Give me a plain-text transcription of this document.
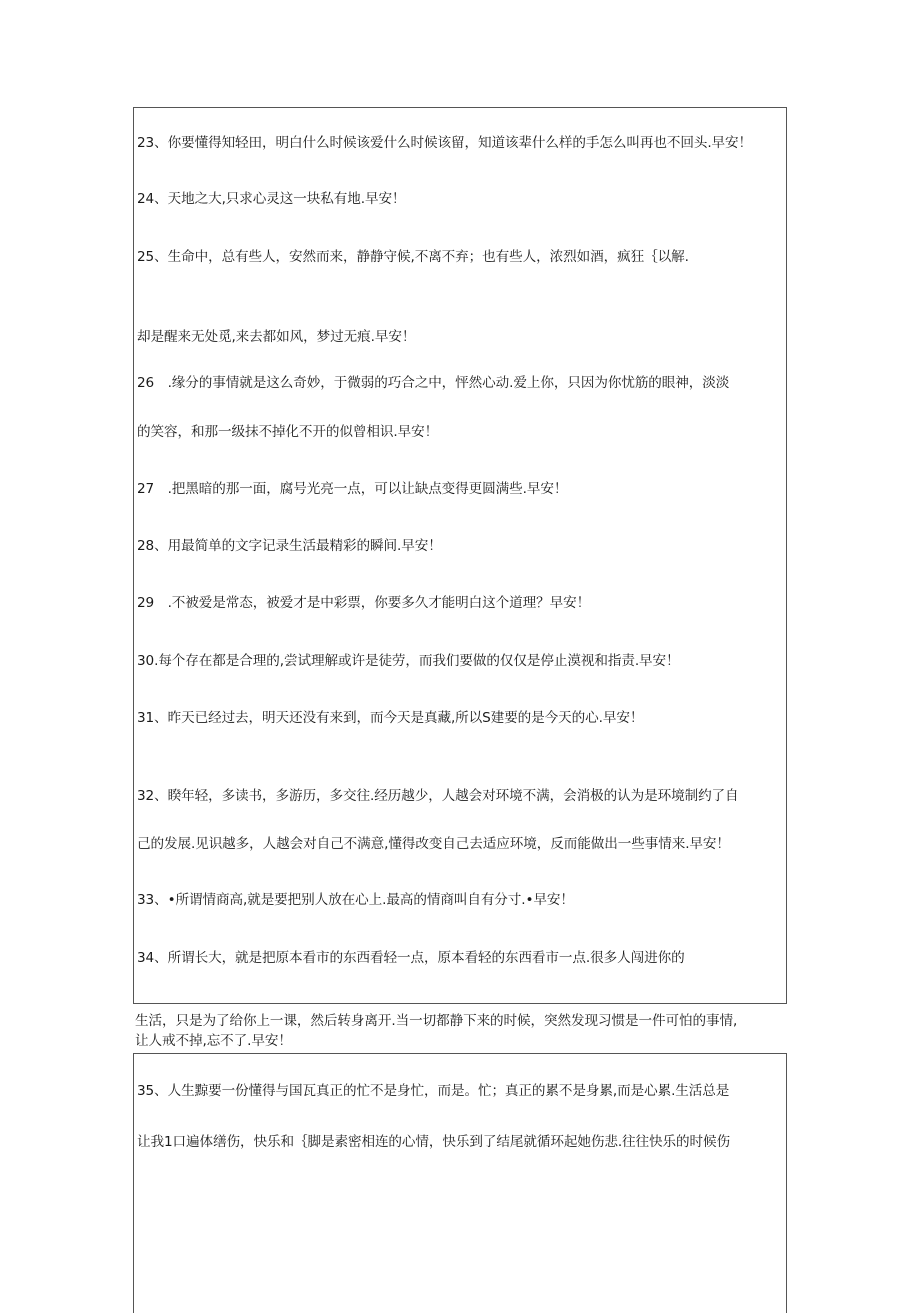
23、你要懂得知轻田，明白什么时候该爱什么时候该留，知道该辈什么样的手怎么叫再也不回头.早安！

24、天地之大,只求心灵这一块私有地.早安！

25、生命中，总有些人，安然而来，静静守候,不离不弃；也有些人，浓烈如酒，疯狂｛以解.

却是醒来无处觅,来去都如风，梦过无痕.早安！

26　.缘分的事情就是这么奇妙，于微弱的巧合之中，怦然心动.爱上你，只因为你忧筋的眼神，淡淡

的笑容，和那一级抹不掉化不开的似曾相识.早安！

27　.把黑暗的那一面，腐号光亮一点，可以让缺点变得更圆满些.早安！

28、用最简单的文字记录生活最精彩的瞬间.早安！

29　.不被爱是常态，被爱才是中彩票，你要多久才能明白这个道理？早安！

30.每个存在都是合理的,尝试理解或许是徒劳，而我们要做的仅仅是停止漠视和指责.早安！

31、昨天已经过去，明天还没有来到，而今天是真藏,所以S建要的是今天的心.早安！

32、睽年轻，多读书，多游历，多交往.经历越少，人越会对环境不满，会消极的认为是环境制约了自

己的发展.见识越多，人越会对自己不满意,懂得改变自己去适应环境，反而能做出一些事情来.早安！

33、•所谓情商高,就是要把别人放在心上.最高的情商叫自有分寸.•早安！

34、所谓长大，就是把原本看市的东西看轻一点，原本看轻的东西看市一点.很多人闯进你的

生活，只是为了给你上一课，然后转身离开.当一切都静下来的时候，突然发现习惯是一件可怕的事情,

让人戒不掉,忘不了.早安！

35、人生黥要一份懂得与国瓦真正的忙不是身忙，而是。忙；真正的累不是身累,而是心累.生活总是

让我1口遍体缮伤，快乐和｛脚是素密相连的心情，快乐到了结尾就循环起她伤悲.往往快乐的时候伤
